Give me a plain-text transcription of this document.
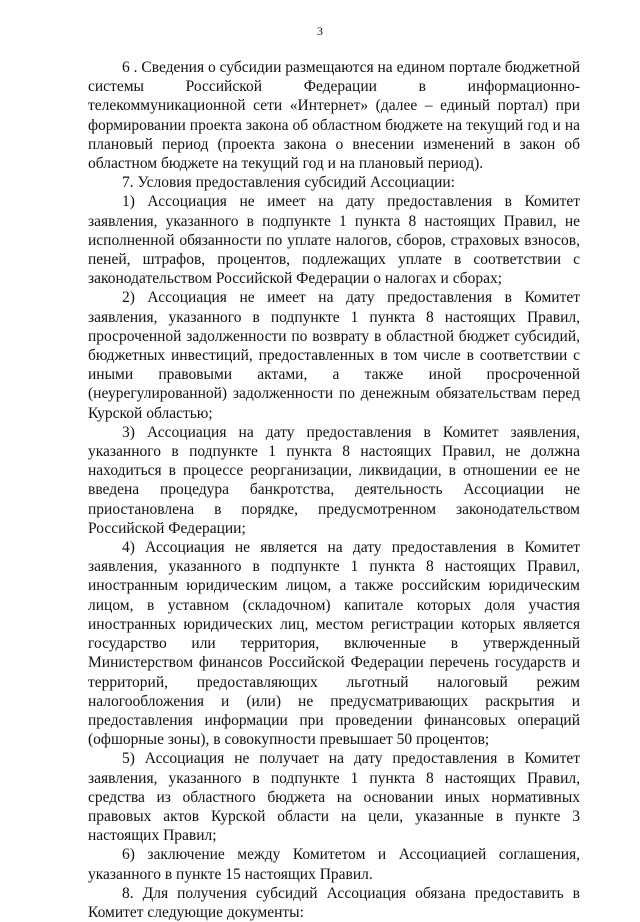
3

6 . Сведения о субсидии размещаются на едином портале бюджетной системы Российской Федерации в информационно-телекоммуникационной сети «Интернет» (далее – единый портал) при формировании проекта закона об областном бюджете на текущий год и на плановый период (проекта закона о внесении изменений в закон об областном бюджете на текущий год и на плановый период).

7. Условия предоставления субсидий Ассоциации:

1) Ассоциация не имеет на дату предоставления в Комитет заявления, указанного в подпункте 1 пункта 8 настоящих Правил, не исполненной обязанности по уплате налогов, сборов, страховых взносов, пеней, штрафов, процентов, подлежащих уплате в соответствии с законодательством Российской Федерации о налогах и сборах;

2) Ассоциация не имеет на дату предоставления в Комитет заявления, указанного в подпункте 1 пункта 8 настоящих Правил, просроченной задолженности по возврату в областной бюджет субсидий, бюджетных инвестиций, предоставленных в том числе в соответствии с иными правовыми актами, а также иной просроченной (неурегулированной) задолженности по денежным обязательствам перед Курской областью;

3) Ассоциация на дату предоставления в Комитет заявления, указанного в подпункте 1 пункта 8 настоящих Правил, не должна находиться в процессе реорганизации, ликвидации, в отношении ее не введена процедура банкротства, деятельность Ассоциации не приостановлена в порядке, предусмотренном законодательством Российской Федерации;

4) Ассоциация не является на дату предоставления в Комитет заявления, указанного в подпункте 1 пункта 8 настоящих Правил, иностранным юридическим лицом, а также российским юридическим лицом, в уставном (складочном) капитале которых доля участия иностранных юридических лиц, местом регистрации которых является государство или территория, включенные в утвержденный Министерством финансов Российской Федерации перечень государств и территорий, предоставляющих льготный налоговый режим налогообложения и (или) не предусматривающих раскрытия и предоставления информации при проведении финансовых операций (офшорные зоны), в совокупности превышает 50 процентов;

5) Ассоциация не получает на дату предоставления в Комитет заявления, указанного в подпункте 1 пункта 8 настоящих Правил, средства из областного бюджета на основании иных нормативных правовых актов Курской области на цели, указанные в пункте 3 настоящих Правил;

6) заключение между Комитетом и Ассоциацией соглашения, указанного в пункте 15 настоящих Правил.

8. Для получения субсидий Ассоциация обязана предоставить в Комитет следующие документы:
